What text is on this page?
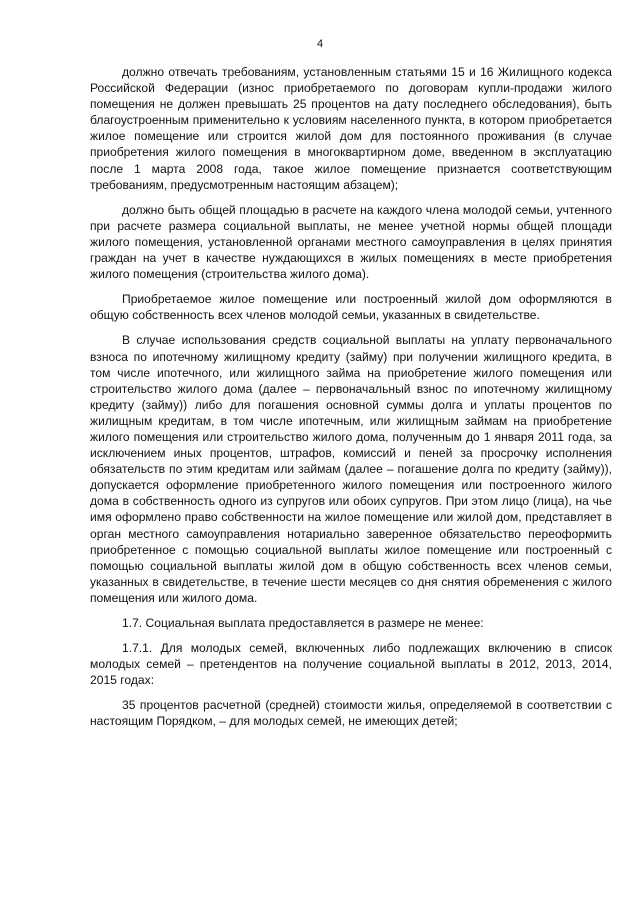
4

должно отвечать требованиям, установленным статьями 15 и 16 Жилищного кодекса Российской Федерации (износ приобретаемого по договорам купли-продажи жилого помещения не должен превышать 25 процентов на дату последнего обследования), быть благоустроенным применительно к условиям населенного пункта, в котором приобретается жилое помещение или строится жилой дом для постоянного проживания (в случае приобретения жилого помещения в многоквартирном доме, введенном в эксплуатацию после 1 марта 2008 года, такое жилое помещение признается соответствующим требованиям, предусмотренным настоящим абзацем);

должно быть общей площадью в расчете на каждого члена молодой семьи, учтенного при расчете размера социальной выплаты, не менее учетной нормы общей площади жилого помещения, установленной органами местного самоуправления в целях принятия граждан на учет в качестве нуждающихся в жилых помещениях в месте приобретения жилого помещения (строительства жилого дома).

Приобретаемое жилое помещение или построенный жилой дом оформляются в общую собственность всех членов молодой семьи, указанных в свидетельстве.

В случае использования средств социальной выплаты на уплату первоначального взноса по ипотечному жилищному кредиту (займу) при получении жилищного кредита, в том числе ипотечного, или жилищного займа на приобретение жилого помещения или строительство жилого дома (далее – первоначальный взнос по ипотечному жилищному кредиту (займу)) либо для погашения основной суммы долга и уплаты процентов по жилищным кредитам, в том числе ипотечным, или жилищным займам на приобретение жилого помещения или строительство жилого дома, полученным до 1 января 2011 года, за исключением иных процентов, штрафов, комиссий и пеней за просрочку исполнения обязательств по этим кредитам или займам (далее – погашение долга по кредиту (займу)), допускается оформление приобретенного жилого помещения или построенного жилого дома в собственность одного из супругов или обоих супругов. При этом лицо (лица), на чье имя оформлено право собственности на жилое помещение или жилой дом, представляет в орган местного самоуправления нотариально заверенное обязательство переоформить приобретенное с помощью социальной выплаты жилое помещение или построенный с помощью социальной выплаты жилой дом в общую собственность всех членов семьи, указанных в свидетельстве, в течение шести месяцев со дня снятия обременения с жилого помещения или жилого дома.

1.7. Социальная выплата предоставляется в размере не менее:

1.7.1. Для молодых семей, включенных либо подлежащих включению в список молодых семей – претендентов на получение социальной выплаты в 2012, 2013, 2014, 2015 годах:

35 процентов расчетной (средней) стоимости жилья, определяемой в соответствии с настоящим Порядком, – для молодых семей, не имеющих детей;
